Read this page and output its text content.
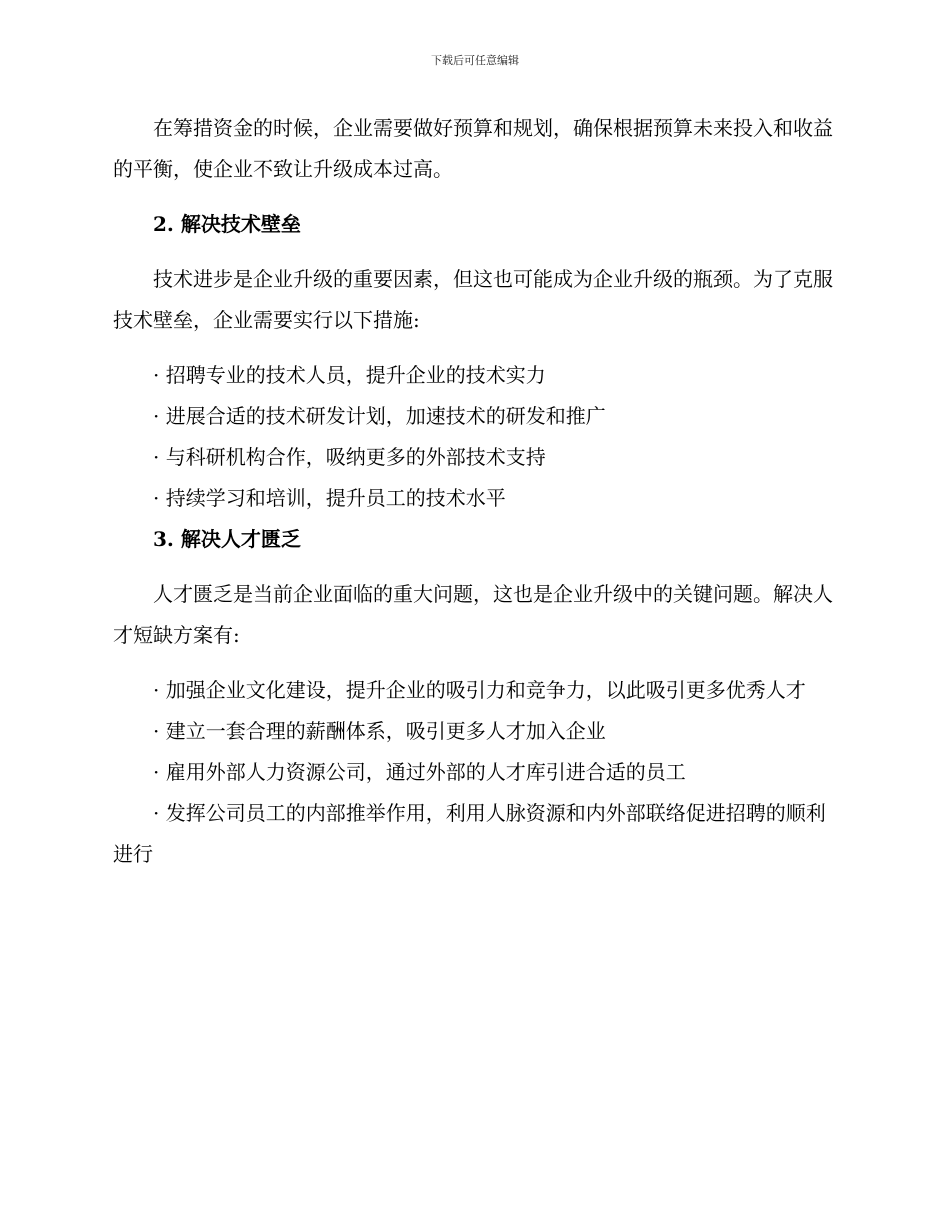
下载后可任意编辑

在筹措资金的时候，企业需要做好预算和规划，确保根据预算未来投入和收益的平衡，使企业不致让升级成本过高。

2. 解决技术壁垒

技术进步是企业升级的重要因素，但这也可能成为企业升级的瓶颈。为了克服技术壁垒，企业需要实行以下措施:

· 招聘专业的技术人员，提升企业的技术实力

· 进展合适的技术研发计划，加速技术的研发和推广

· 与科研机构合作，吸纳更多的外部技术支持

· 持续学习和培训，提升员工的技术水平

3. 解决人才匮乏

人才匮乏是当前企业面临的重大问题，这也是企业升级中的关键问题。解决人才短缺方案有:

· 加强企业文化建设，提升企业的吸引力和竞争力，以此吸引更多优秀人才

· 建立一套合理的薪酬体系，吸引更多人才加入企业

· 雇用外部人力资源公司，通过外部的人才库引进合适的员工

· 发挥公司员工的内部推举作用，利用人脉资源和内外部联络促进招聘的顺利进行
